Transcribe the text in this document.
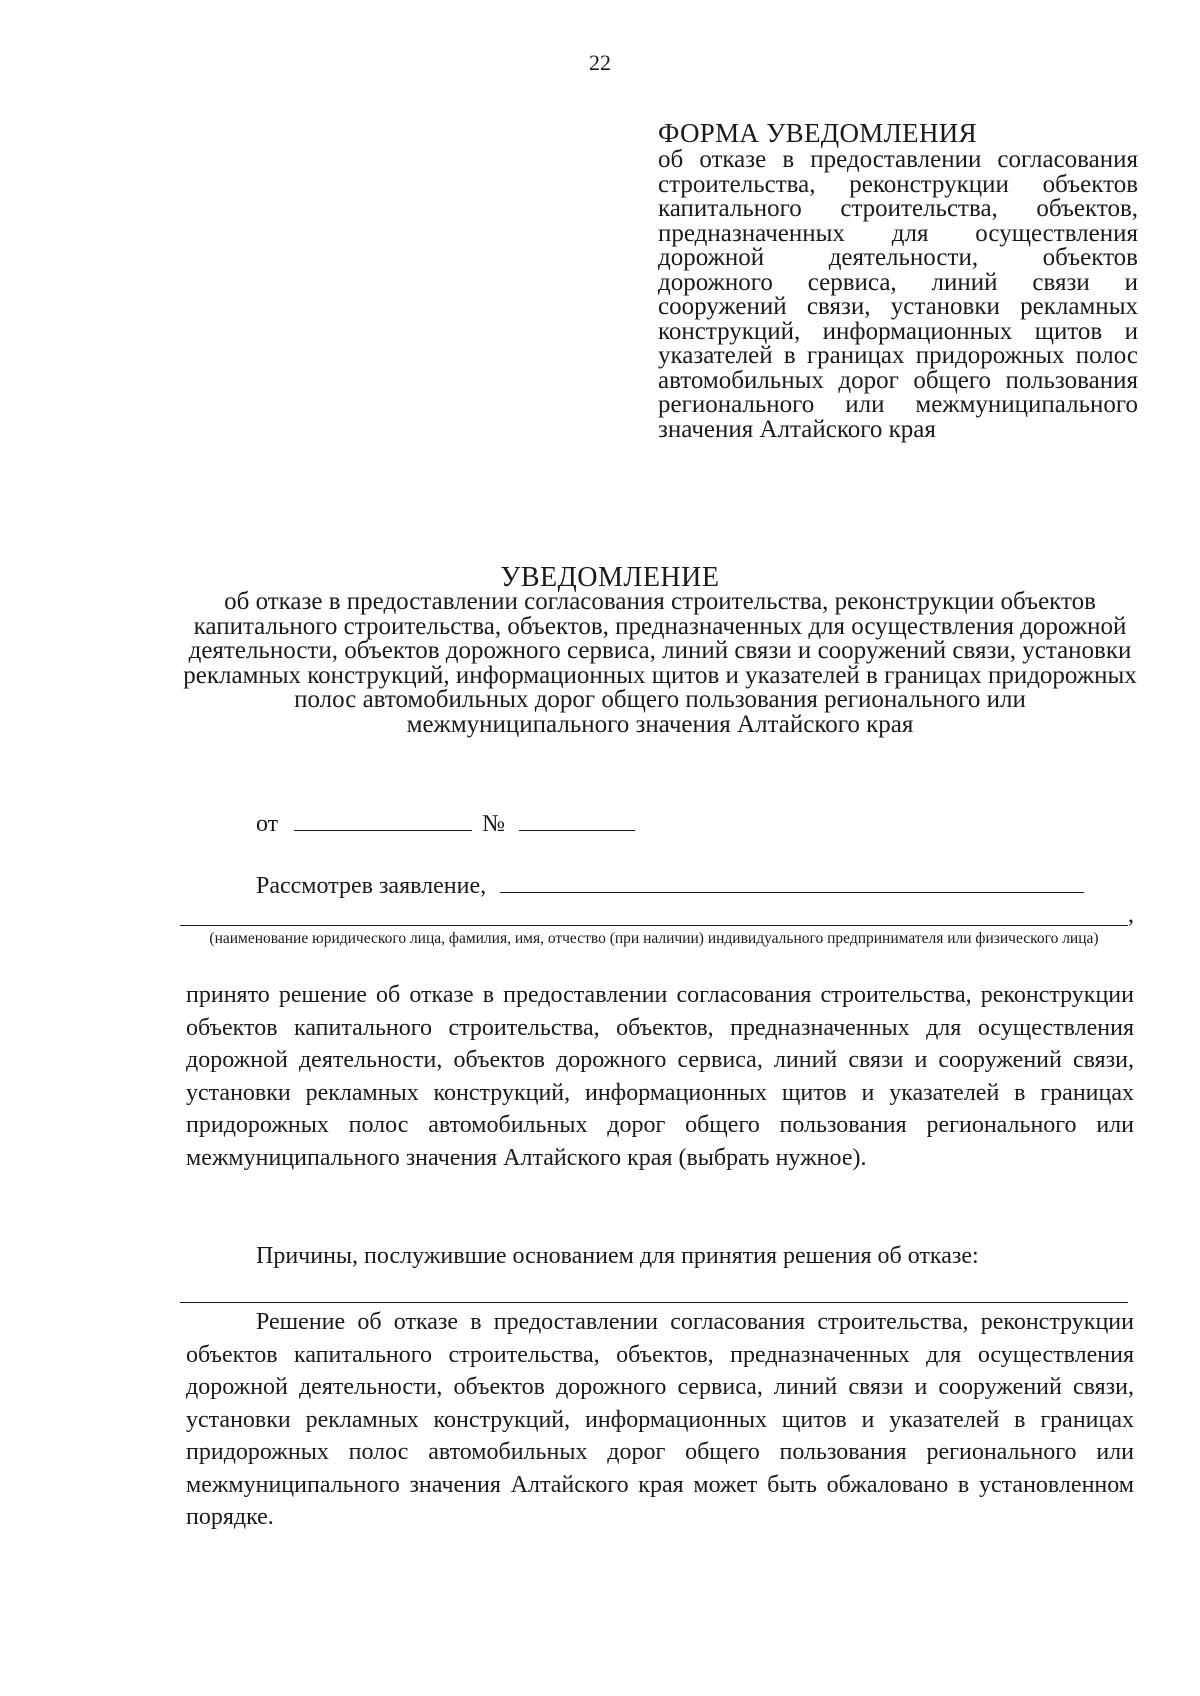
22
ФОРМА УВЕДОМЛЕНИЯ
об отказе в предоставлении согласования строительства, реконструкции объектов капитального строительства, объектов, предназначенных для осуществления дорожной деятельности, объектов дорожного сервиса, линий связи и сооружений связи, установки рекламных конструкций, информационных щитов и указателей в границах придорожных полос автомобильных дорог общего пользования регионального или межмуниципального значения Алтайского края
УВЕДОМЛЕНИЕ
об отказе в предоставлении согласования строительства, реконструкции объектов капитального строительства, объектов, предназначенных для осуществления дорожной деятельности, объектов дорожного сервиса, линий связи и сооружений связи, установки рекламных конструкций, информационных щитов и указателей в границах придорожных полос автомобильных дорог общего пользования регионального или межмуниципального значения Алтайского края
от	№
Рассмотрев заявление,
,
(наименование юридического лица, фамилия, имя, отчество (при наличии) индивидуального предпринимателя или физического лица)

принято решение об отказе в предоставлении согласования строительства, реконструкции объектов капитального строительства, объектов, предназначенных для осуществления дорожной деятельности, объектов дорожного сервиса, линий связи и сооружений связи, установки рекламных конструкций, информационных щитов и указателей в границах придорожных полос автомобильных дорог общего пользования регионального или межмуниципального значения Алтайского края (выбрать нужное).

Причины, послужившие основанием для принятия решения об отказе:

Решение об отказе в предоставлении согласования строительства, реконструкции объектов капитального строительства, объектов, предназначенных для осуществления дорожной деятельности, объектов дорожного сервиса, линий связи и сооружений связи, установки рекламных конструкций, информационных щитов и указателей в границах придорожных полос автомобильных дорог общего пользования регионального или межмуниципального значения Алтайского края может быть обжаловано в установленном порядке.
